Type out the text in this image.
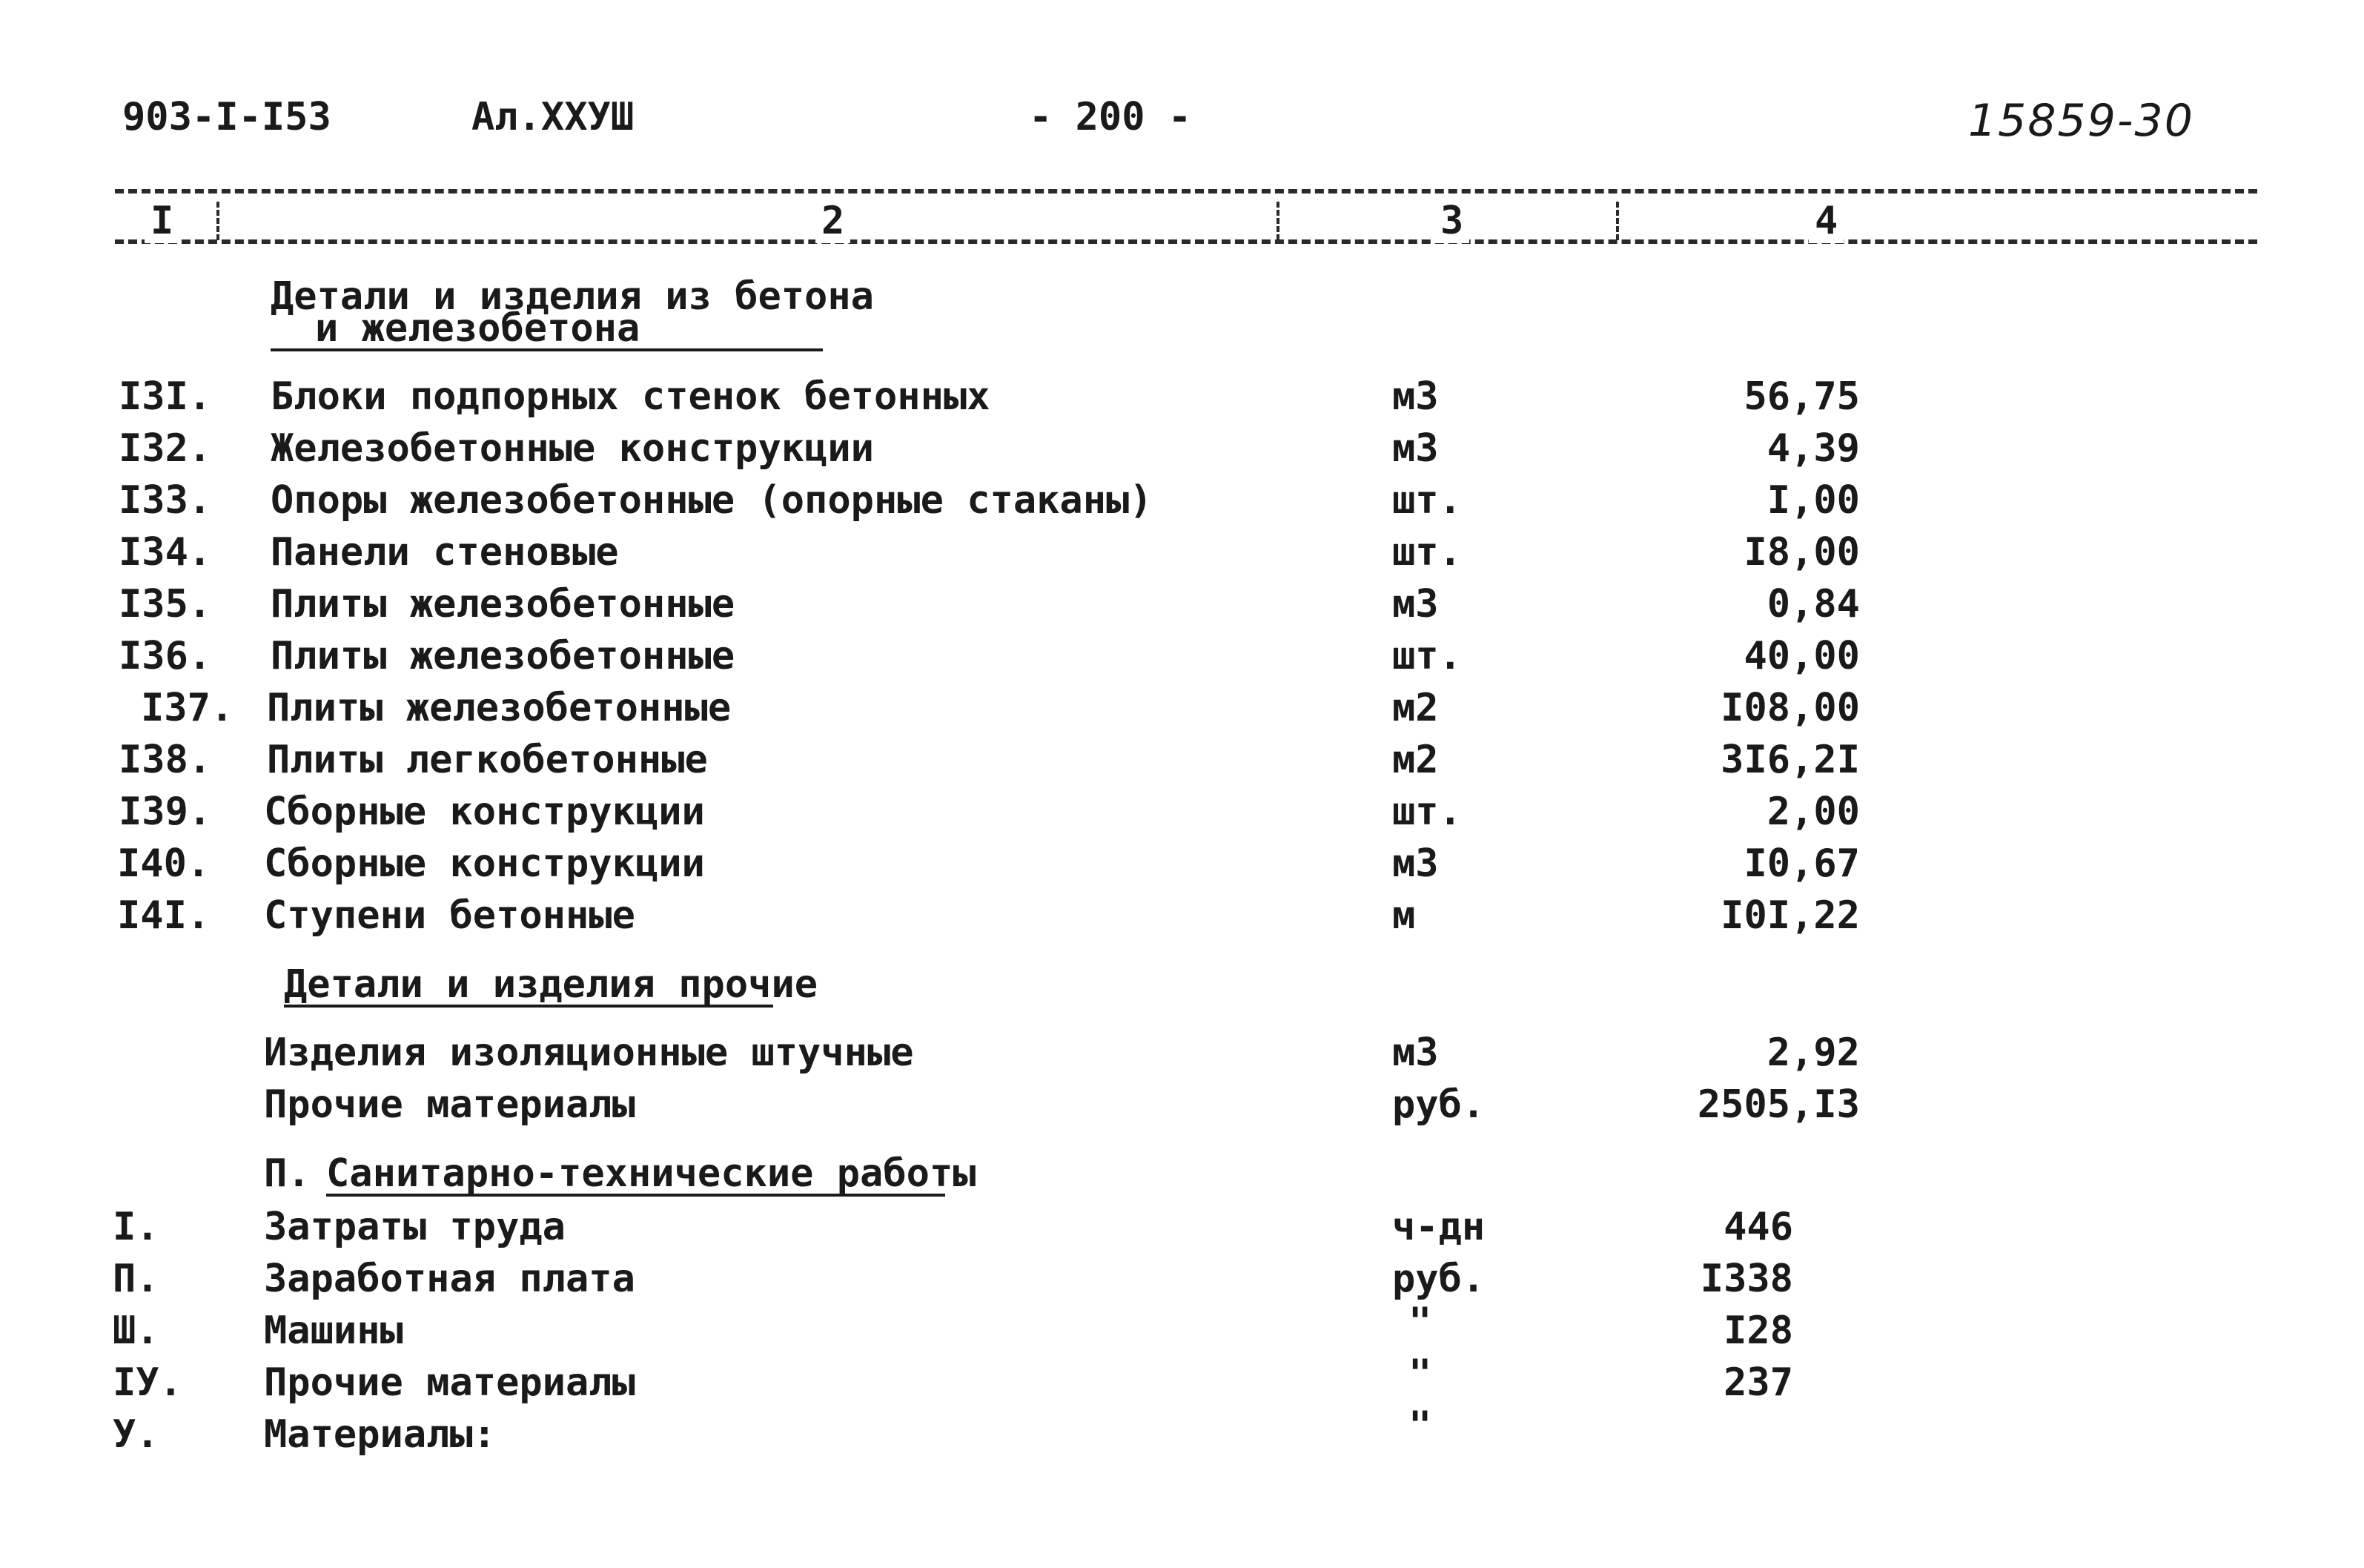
903-I-I53	Ал.ХХУШ	- 200 -	15859-30
I	2	3	4
Детали и изделия из бетона
и железобетона
I3I. Блоки подпорных стенок бетонных	м3	56,75
I32. Железобетонные конструкции	м3	4,39
I33. Опоры железобетонные (опорные стаканы)	шт.	I,00
I34. Панели стеновые	шт.	I8,00
I35. Плиты железобетонные	м3	0,84
I36. Плиты железобетонные	шт.	40,00
I37. Плиты железобетонные	м2	I08,00
I38. Плиты легкобетонные	м2	3I6,2I
I39. Сборные конструкции	шт.	2,00
I40. Сборные конструкции	м3	I0,67
I4I. Ступени бетонные	м	I0I,22
Детали и изделия прочие
Изделия изоляционные штучные	м3	2,92
Прочие материалы	руб.	2505,I3
П. Санитарно-технические работы
I.	Затраты труда	ч-дн	446
П.	Заработная плата	руб.	I338
Ш.	Машины	"	I28
IУ. Прочие материалы	"	237
У.	Материалы:	"
